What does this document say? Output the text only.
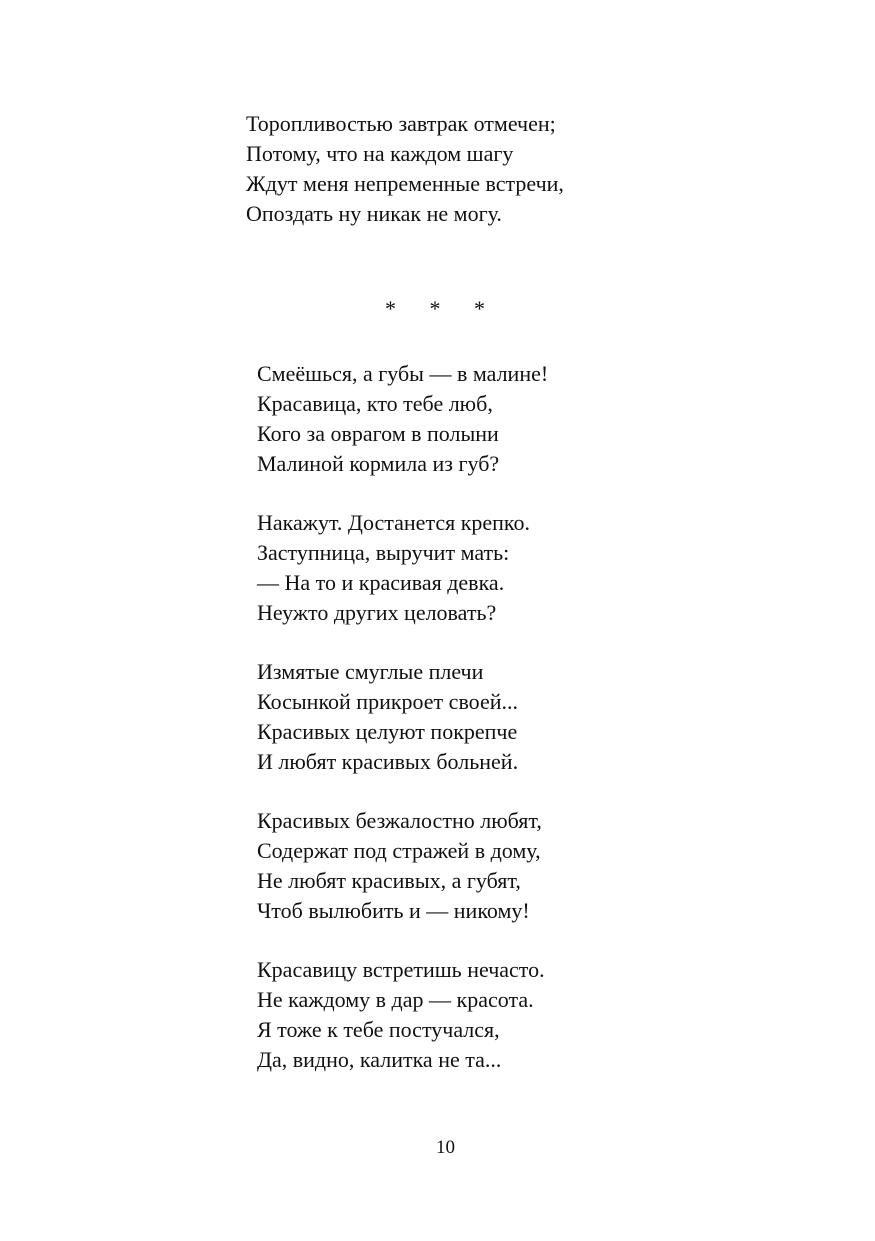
Торопливостью завтрак отмечен;
Потому, что на каждом шагу
Ждут меня непременные встречи,
Опоздать ну никак не могу.
* * *
Смеёшься, а губы — в малине!
Красавица, кто тебе люб,
Кого за оврагом в полыни
Малиной кормила из губ?
Накажут. Достанется крепко.
Заступница, выручит мать:
— На то и красивая девка.
Неужто других целовать?
Измятые смуглые плечи
Косынкой прикроет своей...
Красивых целуют покрепче
И любят красивых больней.
Красивых безжалостно любят,
Содержат под стражей в дому,
Не любят красивых, а губят,
Чтоб вылюбить и — никому!
Красавицу встретишь нечасто.
Не каждому в дар — красота.
Я тоже к тебе постучался,
Да, видно, калитка не та...
10
